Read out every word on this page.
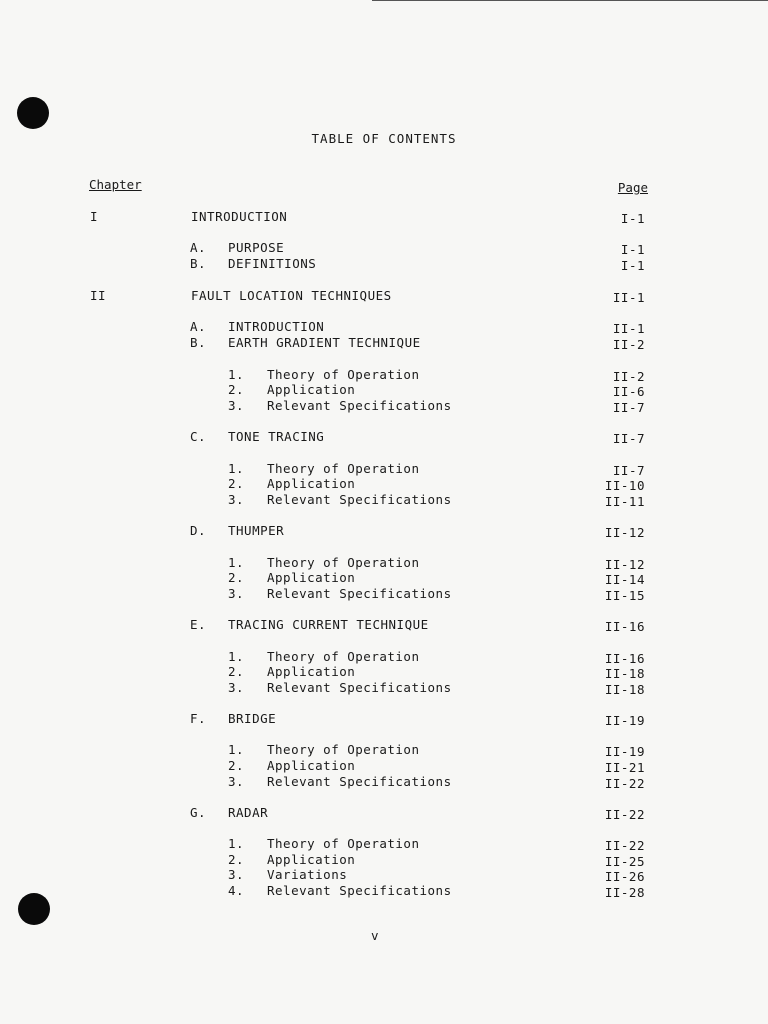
TABLE OF CONTENTS
Chapter	Page
I	INTRODUCTION	I-1
A. PURPOSE	I-1
B. DEFINITIONS	I-1
II	FAULT LOCATION TECHNIQUES	II-1
A. INTRODUCTION	II-1
B. EARTH GRADIENT TECHNIQUE	II-2
1. Theory of Operation	II-2
2. Application	II-6
3. Relevant Specifications	II-7
C. TONE TRACING	II-7
1. Theory of Operation	II-7
2. Application	II-10
3. Relevant Specifications	II-11
D. THUMPER	II-12
1. Theory of Operation	II-12
2. Application	II-14
3. Relevant Specifications	II-15
E. TRACING CURRENT TECHNIQUE	II-16
1. Theory of Operation	II-16
2. Application	II-18
3. Relevant Specifications	II-18
F. BRIDGE	II-19
1. Theory of Operation	II-19
2. Application	II-21
3. Relevant Specifications	II-22
G. RADAR	II-22
1. Theory of Operation	II-22
2. Application	II-25
3. Variations	II-26
4. Relevant Specifications	II-28
v
